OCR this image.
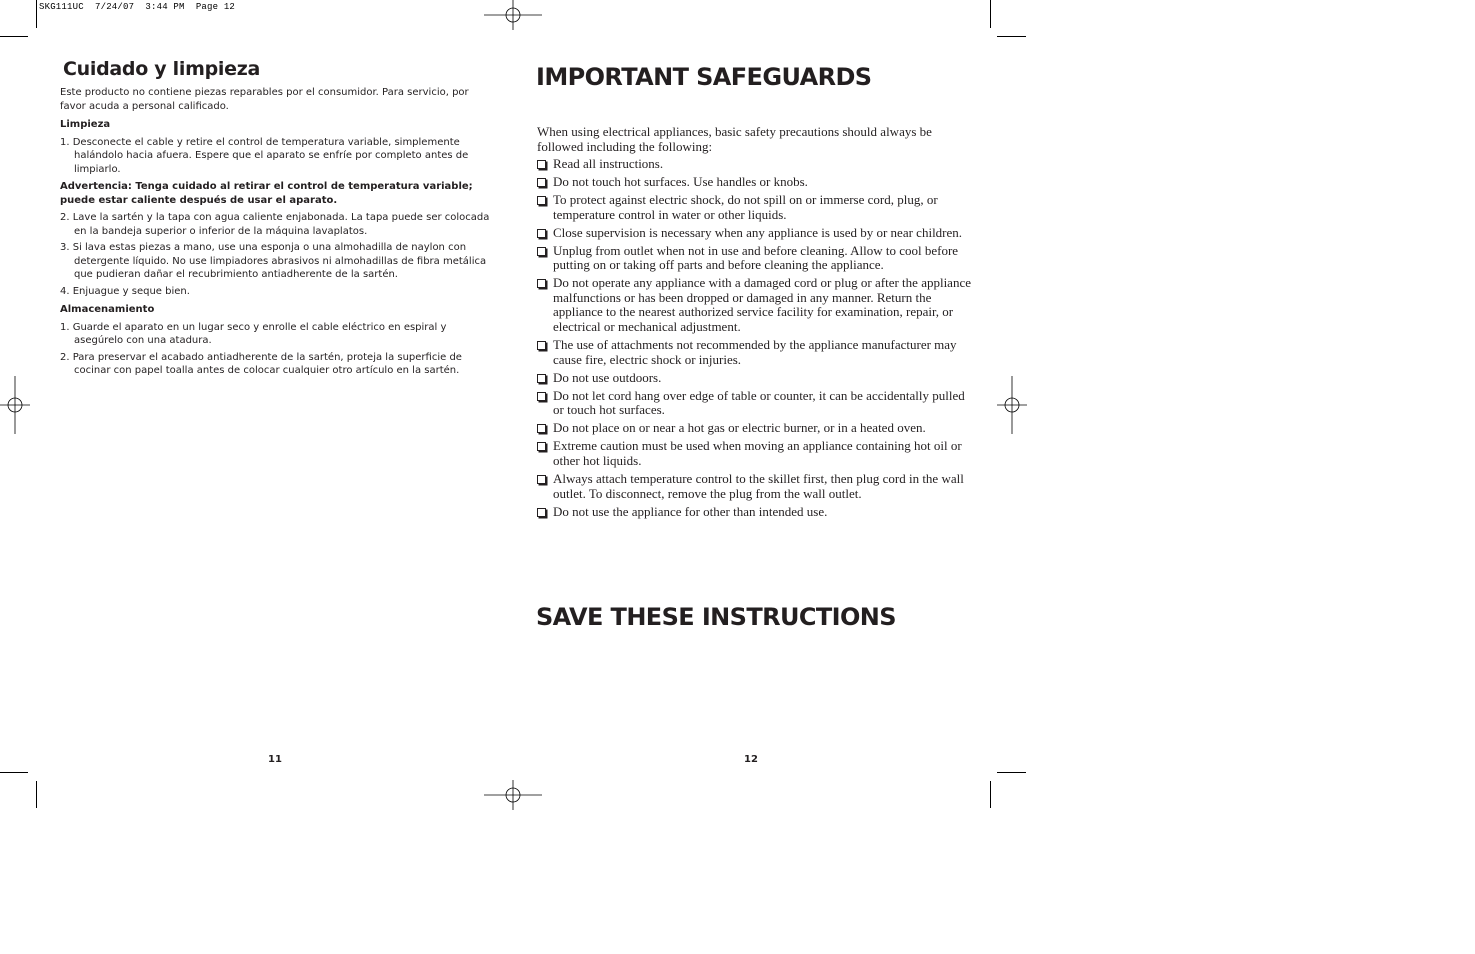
SKG111UC  7/24/07  3:44 PM  Page 12
Cuidado y limpieza

Este producto no contiene piezas reparables por el consumidor. Para servicio, por favor acuda a personal calificado.

Limpieza

1. Desconecte el cable y retire el control de temperatura variable, simplemente halándolo hacia afuera. Espere que el aparato se enfríe por completo antes de limpiarlo.

Advertencia: Tenga cuidado al retirar el control de temperatura variable; puede estar caliente después de usar el aparato.

2. Lave la sartén y la tapa con agua caliente enjabonada. La tapa puede ser colocada en la bandeja superior o inferior de la máquina lavaplatos.
3. Si lava estas piezas a mano, use una esponja o una almohadilla de naylon con detergente líquido. No use limpiadores abrasivos ni almohadillas de fibra metálica que pudieran dañar el recubrimiento antiadherente de la sartén.
4. Enjuague y seque bien.

Almacenamiento

1. Guarde el aparato en un lugar seco y enrolle el cable eléctrico en espiral y asegúrelo con una atadura.
2. Para preservar el acabado antiadherente de la sartén, proteja la superficie de cocinar con papel toalla antes de colocar cualquier otro artículo en la sartén.
IMPORTANT SAFEGUARDS

When using electrical appliances, basic safety precautions should always be followed including the following:

Read all instructions.
Do not touch hot surfaces. Use handles or knobs.
To protect against electric shock, do not spill on or immerse cord, plug, or temperature control in water or other liquids.
Close supervision is necessary when any appliance is used by or near children.
Unplug from outlet when not in use and before cleaning. Allow to cool before putting on or taking off parts and before cleaning the appliance.
Do not operate any appliance with a damaged cord or plug or after the appliance malfunctions or has been dropped or damaged in any manner. Return the appliance to the nearest authorized service facility for examination, repair, or electrical or mechanical adjustment.
The use of attachments not recommended by the appliance manufacturer may cause fire, electric shock or injuries.
Do not use outdoors.
Do not let cord hang over edge of table or counter, it can be accidentally pulled or touch hot surfaces.
Do not place on or near a hot gas or electric burner, or in a heated oven.
Extreme caution must be used when moving an appliance containing hot oil or other hot liquids.
Always attach temperature control to the skillet first, then plug cord in the wall outlet. To disconnect, remove the plug from the wall outlet.
Do not use the appliance for other than intended use.
SAVE THESE INSTRUCTIONS
11	12
